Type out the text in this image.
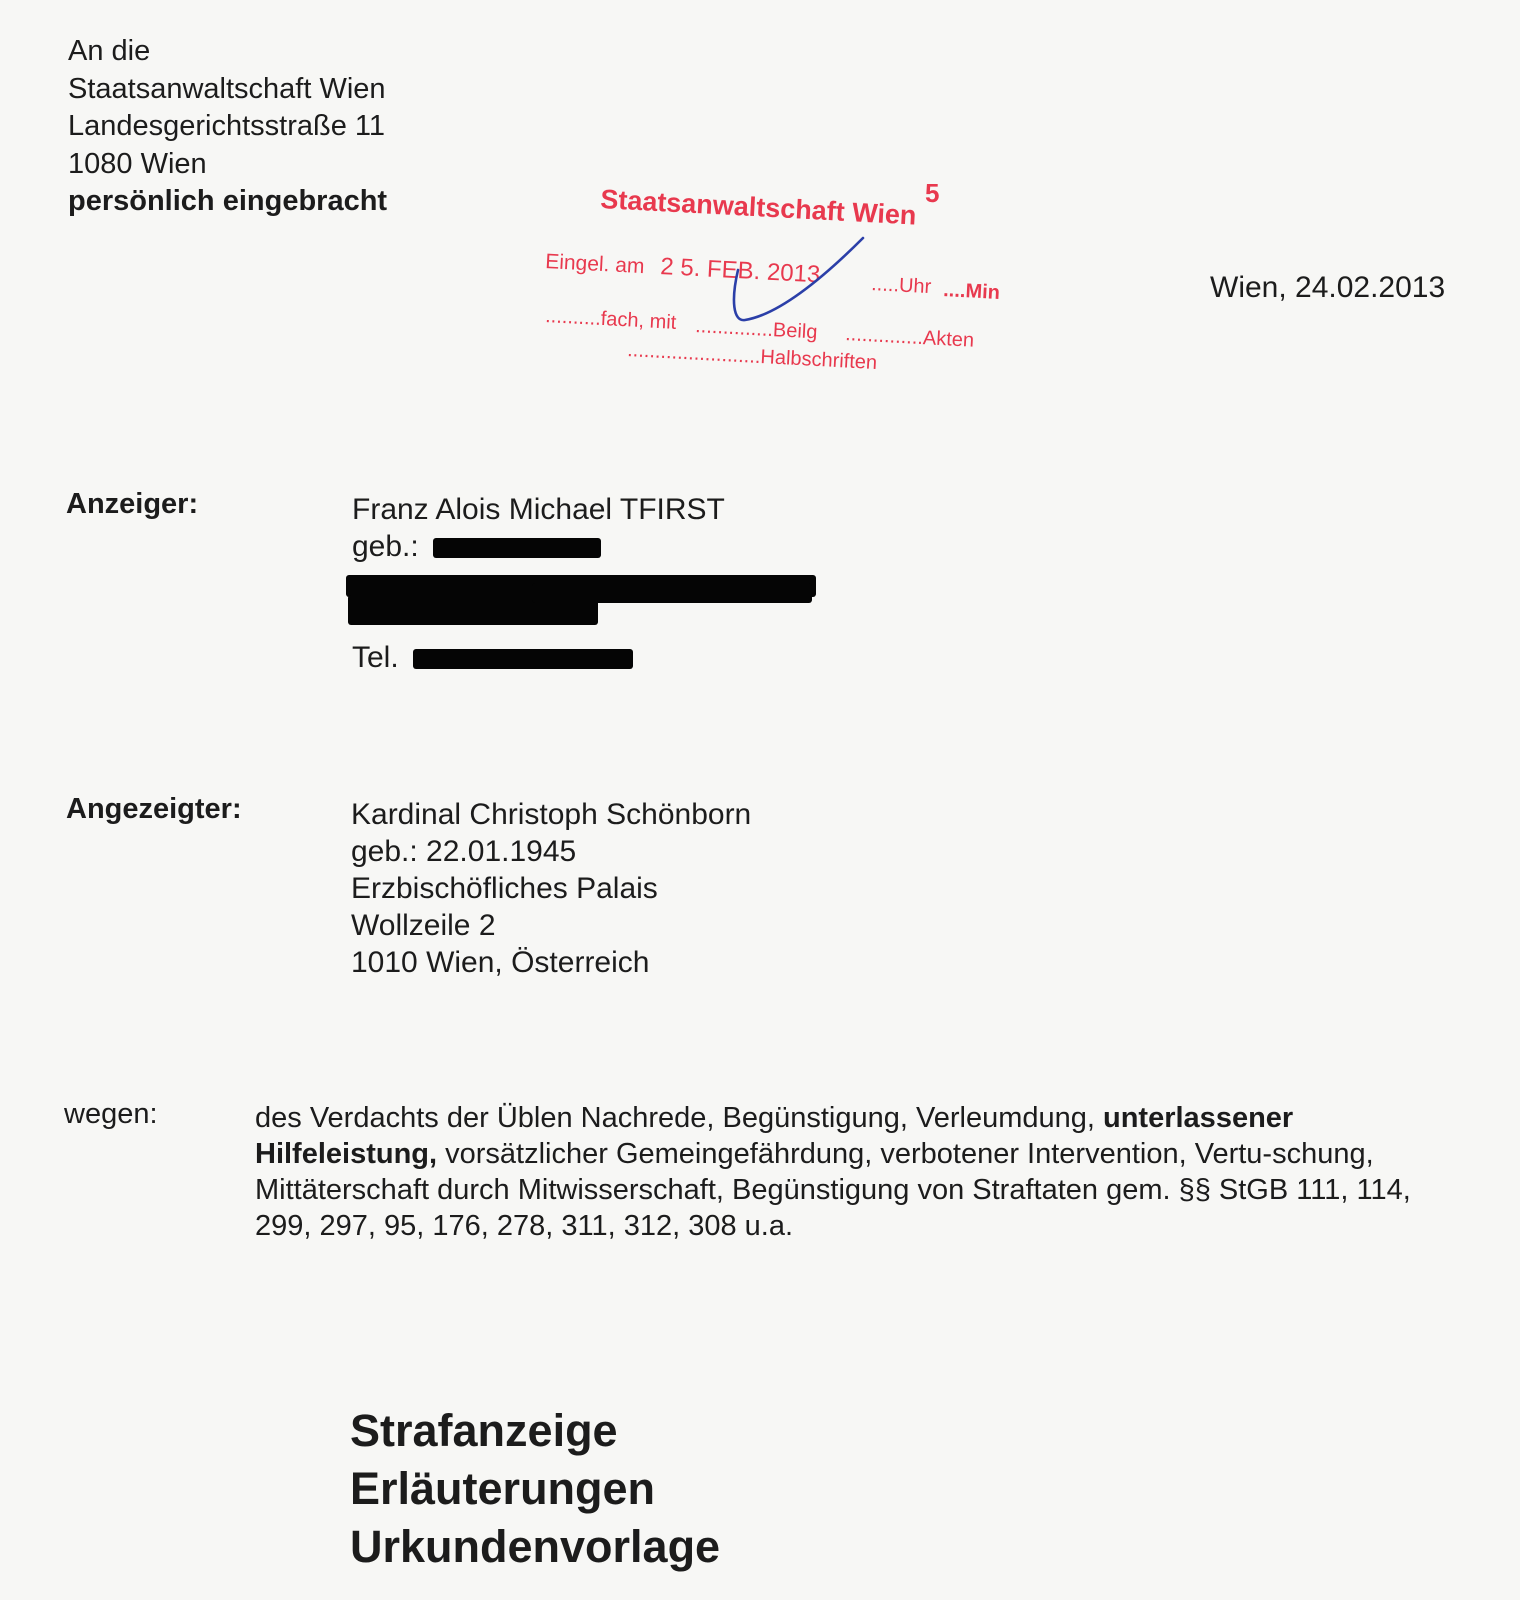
An die
Staatsanwaltschaft Wien
Landesgerichtsstraße 11
1080 Wien
persönlich eingebracht	5
Staatsanwaltschaft Wien
Eingel. am 2 5. FEB. 2013 .....Uhr ....Min
..........fach, mit ..............Beilg ..............Akten
........................Halbschriften
Wien, 24.02.2013
Anzeiger:	Franz Alois Michael TFIRST
geb.:
Tel.
Angezeigter:	Kardinal Christoph Schönborn
geb.: 22.01.1945
Erzbischöfliches Palais
Wollzeile 2
1010 Wien, Österreich
wegen:	des Verdachts der Üblen Nachrede, Begünstigung, Verleumdung, unterlassener Hilfeleistung, vorsätzlicher Gemeingefährdung, verbotener Intervention, Vertu-schung, Mittäterschaft durch Mitwisserschaft, Begünstigung von Straftaten gem. §§ StGB 111, 114, 299, 297, 95, 176, 278, 311, 312, 308 u.a.
Strafanzeige
Erläuterungen
Urkundenvorlage
